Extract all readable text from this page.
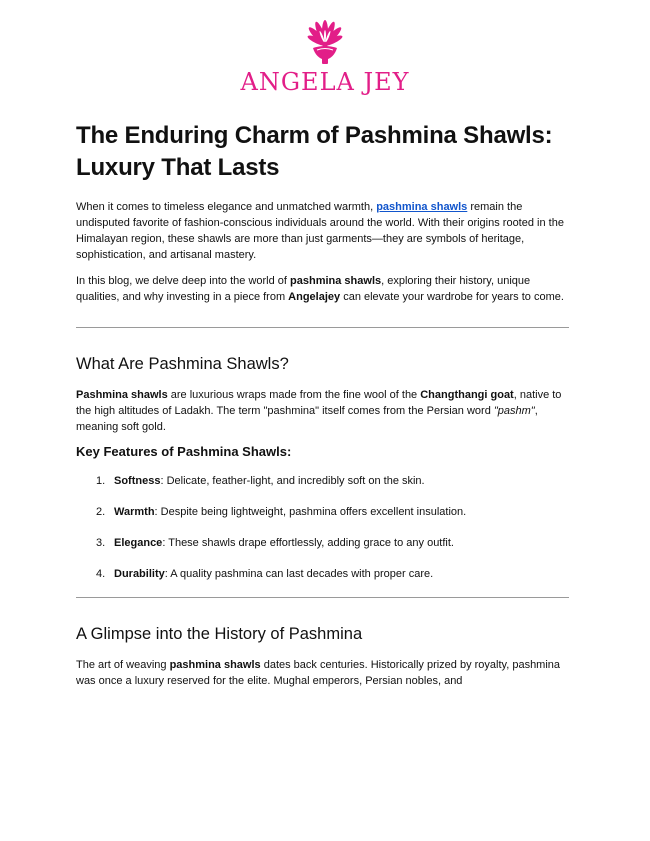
ANGELA JEY
The Enduring Charm of Pashmina Shawls: Luxury That Lasts

When it comes to timeless elegance and unmatched warmth, pashmina shawls remain the undisputed favorite of fashion-conscious individuals around the world. With their origins rooted in the Himalayan region, these shawls are more than just garments—they are symbols of heritage, sophistication, and artisanal mastery.

In this blog, we delve deep into the world of pashmina shawls, exploring their history, unique qualities, and why investing in a piece from Angelajey can elevate your wardrobe for years to come.

What Are Pashmina Shawls?

Pashmina shawls are luxurious wraps made from the fine wool of the Changthangi goat, native to the high altitudes of Ladakh. The term "pashmina" itself comes from the Persian word "pashm", meaning soft gold.

Key Features of Pashmina Shawls:
1. Softness: Delicate, feather-light, and incredibly soft on the skin.
2. Warmth: Despite being lightweight, pashmina offers excellent insulation.
3. Elegance: These shawls drape effortlessly, adding grace to any outfit.
4. Durability: A quality pashmina can last decades with proper care.
A Glimpse into the History of Pashmina

The art of weaving pashmina shawls dates back centuries. Historically prized by royalty, pashmina was once a luxury reserved for the elite. Mughal emperors, Persian nobles, and
